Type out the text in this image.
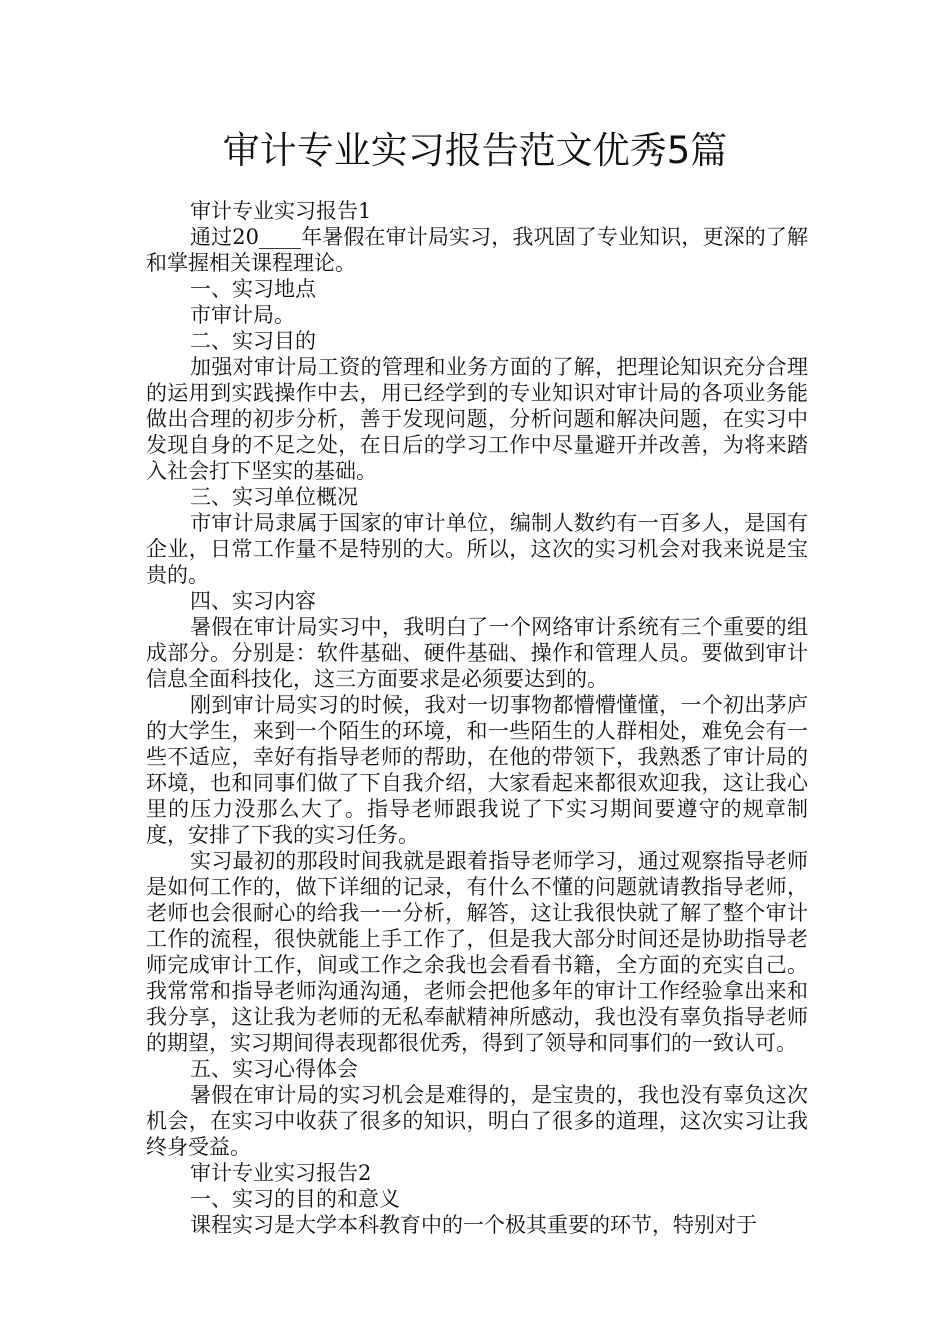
审计专业实习报告范文优秀5篇

审计专业实习报告1

通过20____年暑假在审计局实习，我巩固了专业知识，更深的了解和掌握相关课程理论。

一、实习地点

市审计局。

二、实习目的

加强对审计局工资的管理和业务方面的了解，把理论知识充分合理的运用到实践操作中去，用已经学到的专业知识对审计局的各项业务能做出合理的初步分析，善于发现问题，分析问题和解决问题，在实习中发现自身的不足之处，在日后的学习工作中尽量避开并改善，为将来踏入社会打下坚实的基础。

三、实习单位概况

市审计局隶属于国家的审计单位，编制人数约有一百多人，是国有企业，日常工作量不是特别的大。所以，这次的实习机会对我来说是宝贵的。

四、实习内容

暑假在审计局实习中，我明白了一个网络审计系统有三个重要的组成部分。分别是：软件基础、硬件基础、操作和管理人员。要做到审计信息全面科技化，这三方面要求是必须要达到的。

刚到审计局实习的时候，我对一切事物都懵懵懂懂，一个初出茅庐的大学生，来到一个陌生的环境，和一些陌生的人群相处，难免会有一些不适应，幸好有指导老师的帮助，在他的带领下，我熟悉了审计局的环境，也和同事们做了下自我介绍，大家看起来都很欢迎我，这让我心里的压力没那么大了。指导老师跟我说了下实习期间要遵守的规章制度，安排了下我的实习任务。

实习最初的那段时间我就是跟着指导老师学习，通过观察指导老师是如何工作的，做下详细的记录，有什么不懂的问题就请教指导老师，老师也会很耐心的给我一一分析，解答，这让我很快就了解了整个审计工作的流程，很快就能上手工作了，但是我大部分时间还是协助指导老师完成审计工作，间或工作之余我也会看看书籍，全方面的充实自己。我常常和指导老师沟通沟通，老师会把他多年的审计工作经验拿出来和我分享，这让我为老师的无私奉献精神所感动，我也没有辜负指导老师的期望，实习期间得表现都很优秀，得到了领导和同事们的一致认可。

五、实习心得体会

暑假在审计局的实习机会是难得的，是宝贵的，我也没有辜负这次机会，在实习中收获了很多的知识，明白了很多的道理，这次实习让我终身受益。

审计专业实习报告2

一、实习的目的和意义

课程实习是大学本科教育中的一个极其重要的环节，特别对于
